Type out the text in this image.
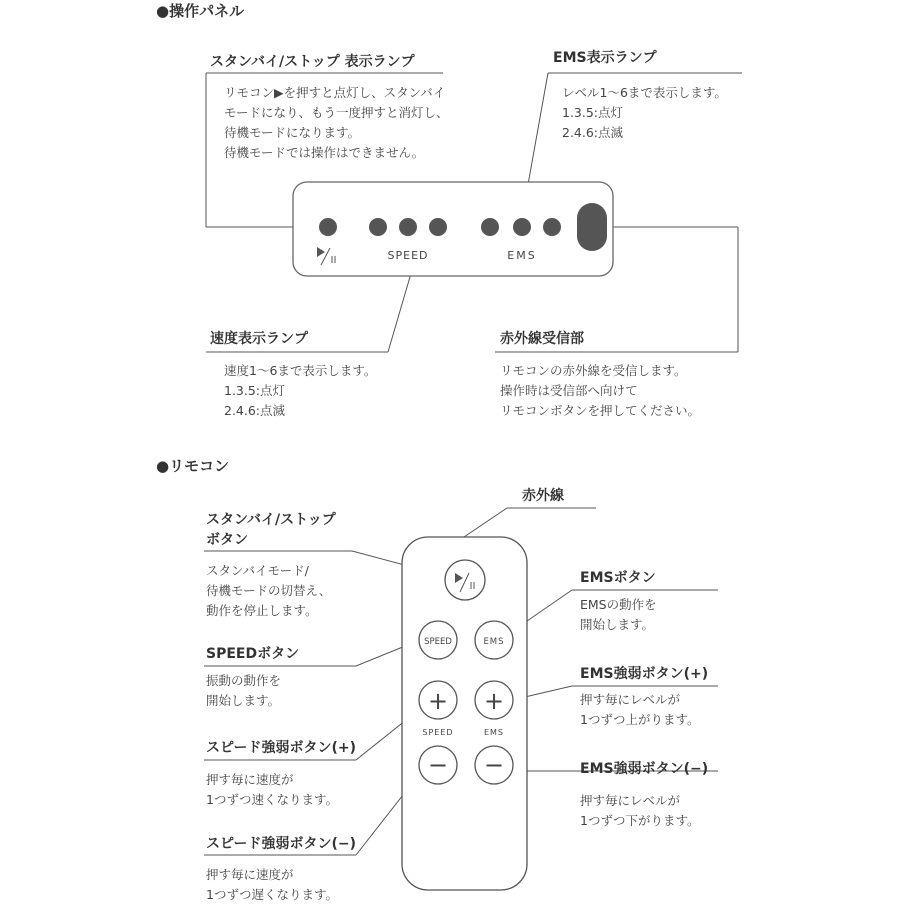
●操作パネル
SPEED	EMS
SPEED	EMS
+ +
SPEED	EMS
− −
スタンバイ/ストップ 表示ランプ
リモコン▶を押すと点灯し、スタンバイ
モードになり、もう一度押すと消灯し、
待機モードになります。
待機モードでは操作はできません。
EMS表示ランプ
レベル1～6まで表示します。
1.3.5:点灯
2.4.6:点滅
速度表示ランプ
速度1～6まで表示します。
1.3.5:点灯
2.4.6:点滅
赤外線受信部
リモコンの赤外線を受信します。
操作時は受信部へ向けて
リモコンボタンを押してください。
●リモコン
赤外線
スタンバイ/ストップ
ボタン
スタンバイモード/
待機モードの切替え、
動作を停止します。
SPEEDボタン
振動の動作を
開始します。
スピード強弱ボタン(+)
押す毎に速度が
1つずつ速くなります。
スピード強弱ボタン(−)
押す毎に速度が
1つずつ遅くなります。
EMSボタン
EMSの動作を
開始します。
EMS強弱ボタン(+)
押す毎にレベルが
1つずつ上がります。
EMS強弱ボタン(−)
押す毎にレベルが
1つずつ下がります。
